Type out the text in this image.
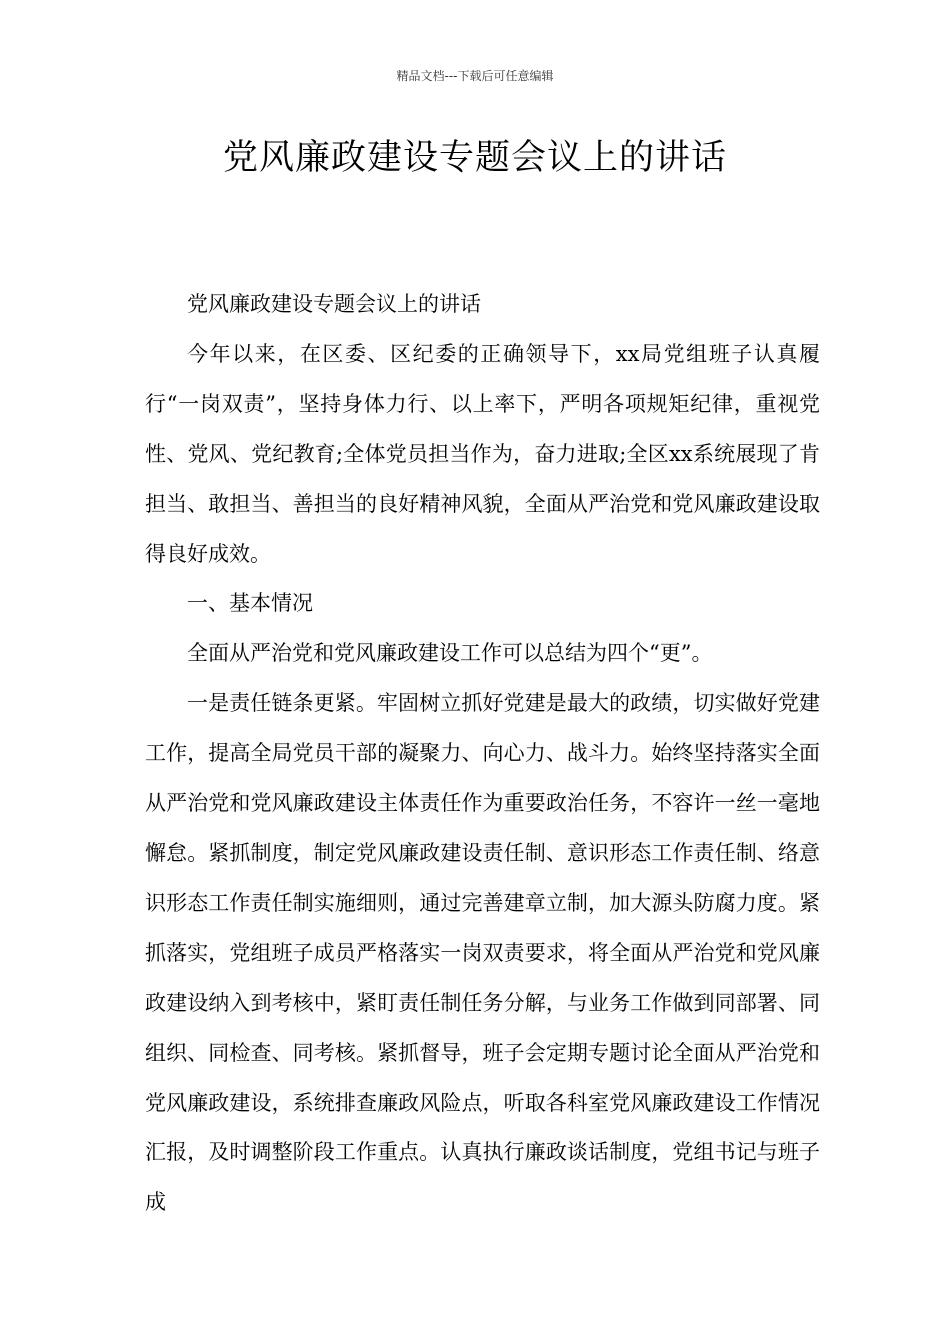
精品文档---下载后可任意编辑
党风廉政建设专题会议上的讲话

党风廉政建设专题会议上的讲话

今年以来，在区委、区纪委的正确领导下，xx局党组班子认真履行“一岗双责”，坚持身体力行、以上率下，严明各项规矩纪律，重视党性、党风、党纪教育;全体党员担当作为，奋力进取;全区xx系统展现了肯担当、敢担当、善担当的良好精神风貌，全面从严治党和党风廉政建设取得良好成效。

一、基本情况

全面从严治党和党风廉政建设工作可以总结为四个“更”。

一是责任链条更紧。牢固树立抓好党建是最大的政绩，切实做好党建工作，提高全局党员干部的凝聚力、向心力、战斗力。始终坚持落实全面从严治党和党风廉政建设主体责任作为重要政治任务，不容许一丝一毫地懈怠。紧抓制度，制定党风廉政建设责任制、意识形态工作责任制、络意识形态工作责任制实施细则，通过完善建章立制，加大源头防腐力度。紧抓落实，党组班子成员严格落实一岗双责要求，将全面从严治党和党风廉政建设纳入到考核中，紧盯责任制任务分解，与业务工作做到同部署、同组织、同检查、同考核。紧抓督导，班子会定期专题讨论全面从严治党和党风廉政建设，系统排查廉政风险点，听取各科室党风廉政建设工作情况汇报，及时调整阶段工作重点。认真执行廉政谈话制度，党组书记与班子成
